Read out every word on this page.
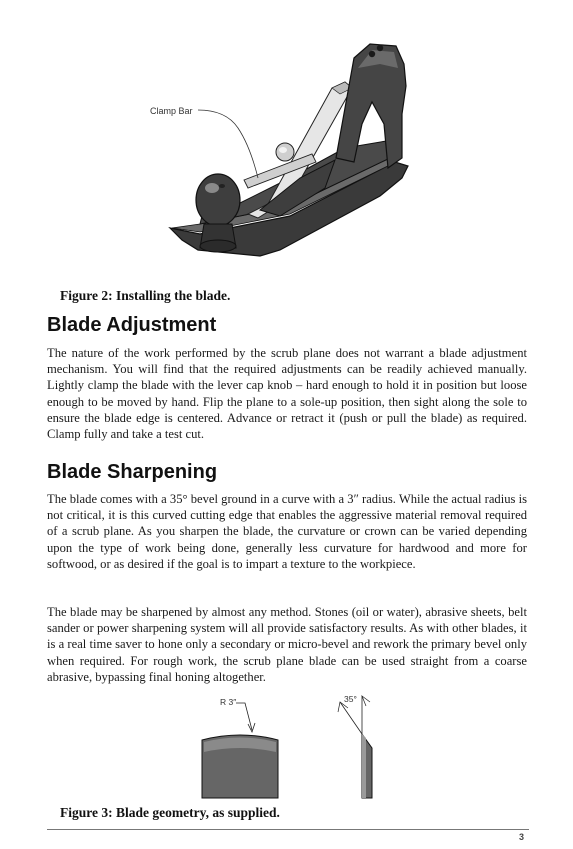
Clamp Bar
Figure 2: Installing the blade.
Blade Adjustment

The nature of the work performed by the scrub plane does not warrant a blade adjustment mechanism. You will find that the required adjustments can be readily achieved manually. Lightly clamp the blade with the lever cap knob – hard enough to hold it in position but loose enough to be moved by hand. Flip the plane to a sole-up position, then sight along the sole to ensure the blade edge is centered. Advance or retract it (push or pull the blade) as required. Clamp fully and take a test cut.

Blade Sharpening

The blade comes with a 35° bevel ground in a curve with a 3″ radius. While the actual radius is not critical, it is this curved cutting edge that enables the aggressive material removal required of a scrub plane. As you sharpen the blade, the curvature or crown can be varied depending upon the type of work being done, generally less curvature for hardwood and more for softwood, or as desired if the goal is to impart a texture to the workpiece.

The blade may be sharpened by almost any method. Stones (oil or water), abrasive sheets, belt sander or power sharpening system will all provide satisfactory results. As with other blades, it is a real time saver to hone only a secondary or micro-bevel and rework the primary bevel only when required. For rough work, the scrub plane blade can be used straight from a coarse abrasive, bypassing final honing altogether.

R 3″	35°
Figure 3: Blade geometry, as supplied.
3
